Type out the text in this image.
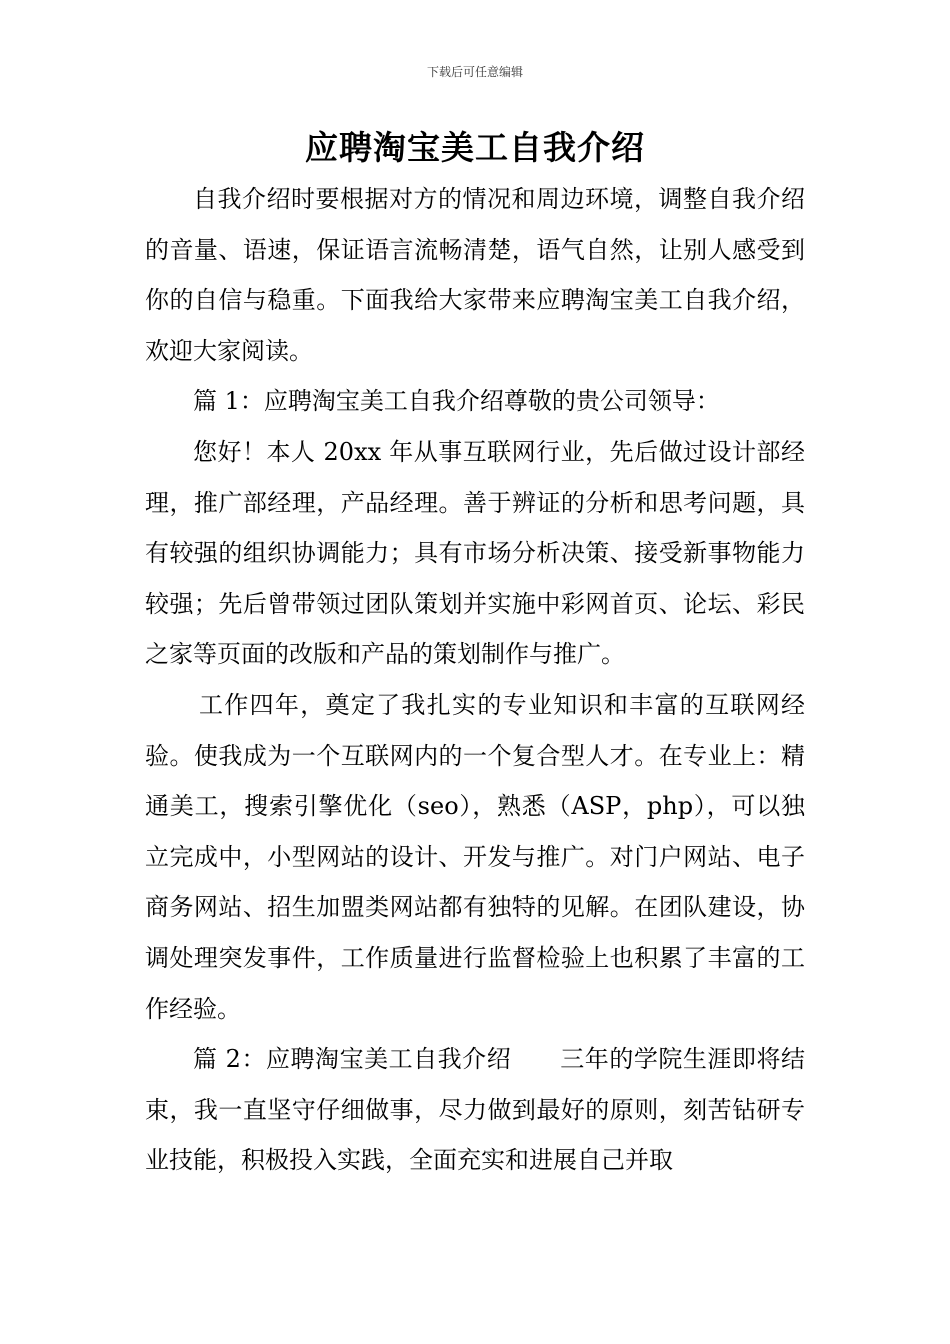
下载后可任意编辑
应聘淘宝美工自我介绍

自我介绍时要根据对方的情况和周边环境，调整自我介绍的音量、语速，保证语言流畅清楚，语气自然，让别人感受到你的自信与稳重。下面我给大家带来应聘淘宝美工自我介绍，欢迎大家阅读。

篇 1：应聘淘宝美工自我介绍尊敬的贵公司领导：

您好！本人 20xx 年从事互联网行业，先后做过设计部经理，推广部经理，产品经理。善于辨证的分析和思考问题，具有较强的组织协调能力；具有市场分析决策、接受新事物能力较强；先后曾带领过团队策划并实施中彩网首页、论坛、彩民之家等页面的改版和产品的策划制作与推广。

工作四年，奠定了我扎实的专业知识和丰富的互联网经验。使我成为一个互联网内的一个复合型人才。在专业上：精通美工，搜索引擎优化（seo），熟悉（ASP，php），可以独立完成中，小型网站的设计、开发与推广。对门户网站、电子商务网站、招生加盟类网站都有独特的见解。在团队建设，协调处理突发事件，工作质量进行监督检验上也积累了丰富的工作经验。

篇 2：应聘淘宝美工自我介绍　　三年的学院生涯即将结束，我一直坚守仔细做事，尽力做到最好的原则，刻苦钻研专业技能，积极投入实践，全面充实和进展自己并取
